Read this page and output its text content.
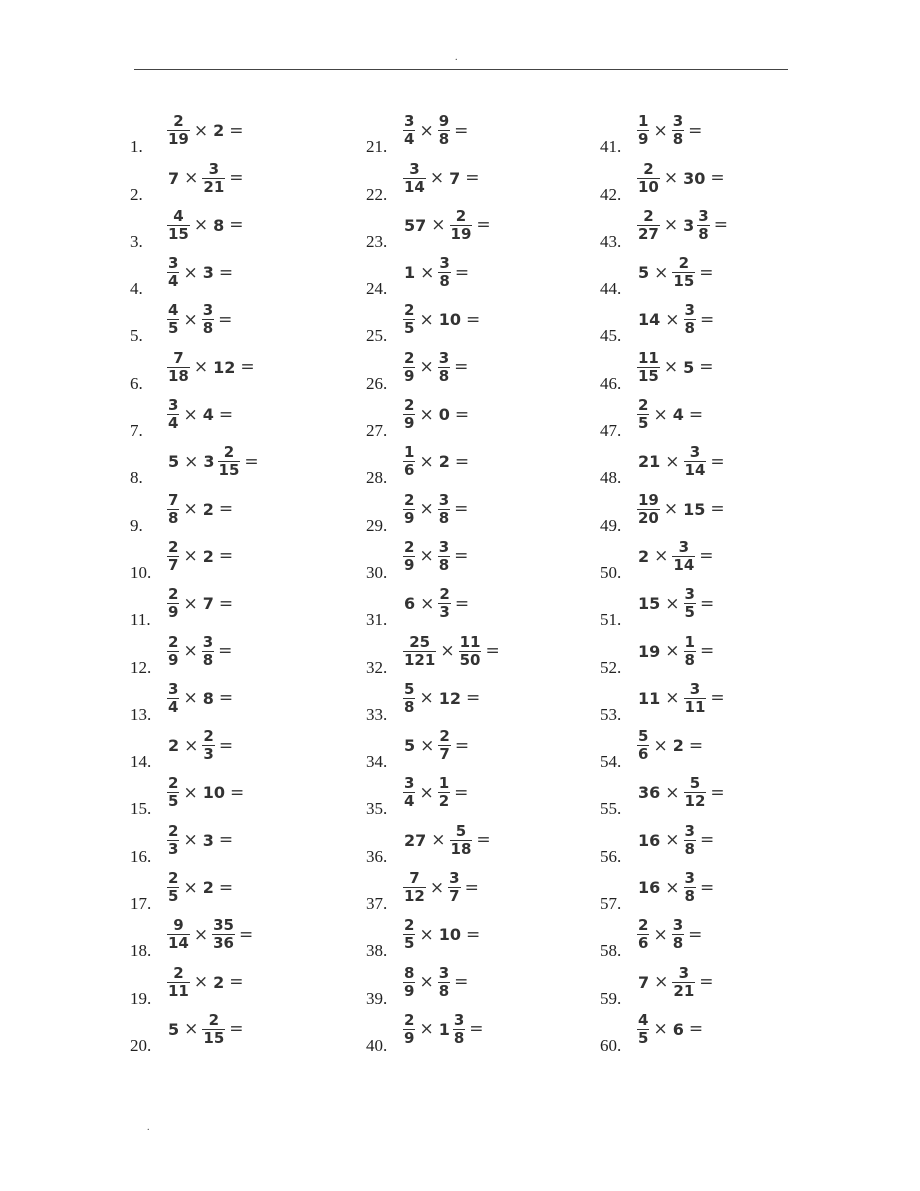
.
1. $\frac{2}{19} \times 2$ =
2.
$7 \times \frac{3}{21}$ =
3. $\frac{4}{15} \times 8$ =
4. $\frac{3}{4} \times 3$ =
5. $\frac{4}{5} \times \frac{3}{8}$ =
6. $\frac{7}{18} \times 12$ =
7. $\frac{3}{4} \times 4$ =
8.
$5 \times 3 \frac{2}{15}$ =
9. $\frac{7}{8} \times 2$ =
10. $\frac{2}{7} \times 2$ =
11. $\frac{2}{9} \times 7$ =
12. $\frac{2}{9} \times \frac{3}{8}$ =
13. $\frac{3}{4} \times 8$ =
14.
$2 \times \frac{2}{3}$ =
15. $\frac{2}{5} \times 10$ =
16. $\frac{2}{3} \times 3$ =
17. $\frac{2}{5} \times 2$ =
18. $\frac{9}{14} \times \frac{35}{36}$ =
19. $\frac{2}{11} \times 2$ =
20.
$5 \times \frac{2}{15}$ =
21. $\frac{3}{4} \times \frac{9}{8}$ =
22. $\frac{3}{14} \times 7$ =
23.
$57 \times \frac{2}{19}$ =
24.
$1 \times \frac{3}{8}$ =
25. $\frac{2}{5} \times 10$ =
26. $\frac{2}{9} \times \frac{3}{8}$ =
27. $\frac{2}{9} \times 0$ =
28. $\frac{1}{6} \times 2$ =
29. $\frac{2}{9} \times \frac{3}{8}$ =
30. $\frac{2}{9} \times \frac{3}{8}$ =
31.
$6 \times \frac{2}{3}$ =
32. $\frac{25}{121} \times \frac{11}{50}$ =
33. $\frac{5}{8} \times 12$ =
34.
$5 \times \frac{2}{7}$ =
35. $\frac{3}{4} \times \frac{1}{2}$ =
36.
$27 \times \frac{5}{18}$ =
37. $\frac{7}{12} \times \frac{3}{7}$ =
38. $\frac{2}{5} \times 10$ =
39. $\frac{8}{9} \times \frac{3}{8}$ =
40. $\frac{2}{9} \times 1 \frac{3}{8}$ =
41. $\frac{1}{9} \times \frac{3}{8}$ =
42. $\frac{2}{10} \times 30$ =
43. $\frac{2}{27} \times 3 \frac{3}{8}$ =
44.
$5 \times \frac{2}{15}$ =
45.
$14 \times \frac{3}{8}$ =
46. $\frac{11}{15} \times 5$ =
47. $\frac{2}{5} \times 4$ =
48.
$21 \times \frac{3}{14}$ =
49. $\frac{19}{20} \times 15$ =
50.
$2 \times \frac{3}{14}$ =
51.
$15 \times \frac{3}{5}$ =
52.
$19 \times \frac{1}{8}$ =
53.
$11 \times \frac{3}{11}$ =
54. $\frac{5}{6} \times 2$ =
55.
$36 \times \frac{5}{12}$ =
56.
$16 \times \frac{3}{8}$ =
57.
$16 \times \frac{3}{8}$ =
58. $\frac{2}{6} \times \frac{3}{8}$ =
59.
$7 \times \frac{3}{21}$ =
60. $\frac{4}{5} \times 6$ =
.
